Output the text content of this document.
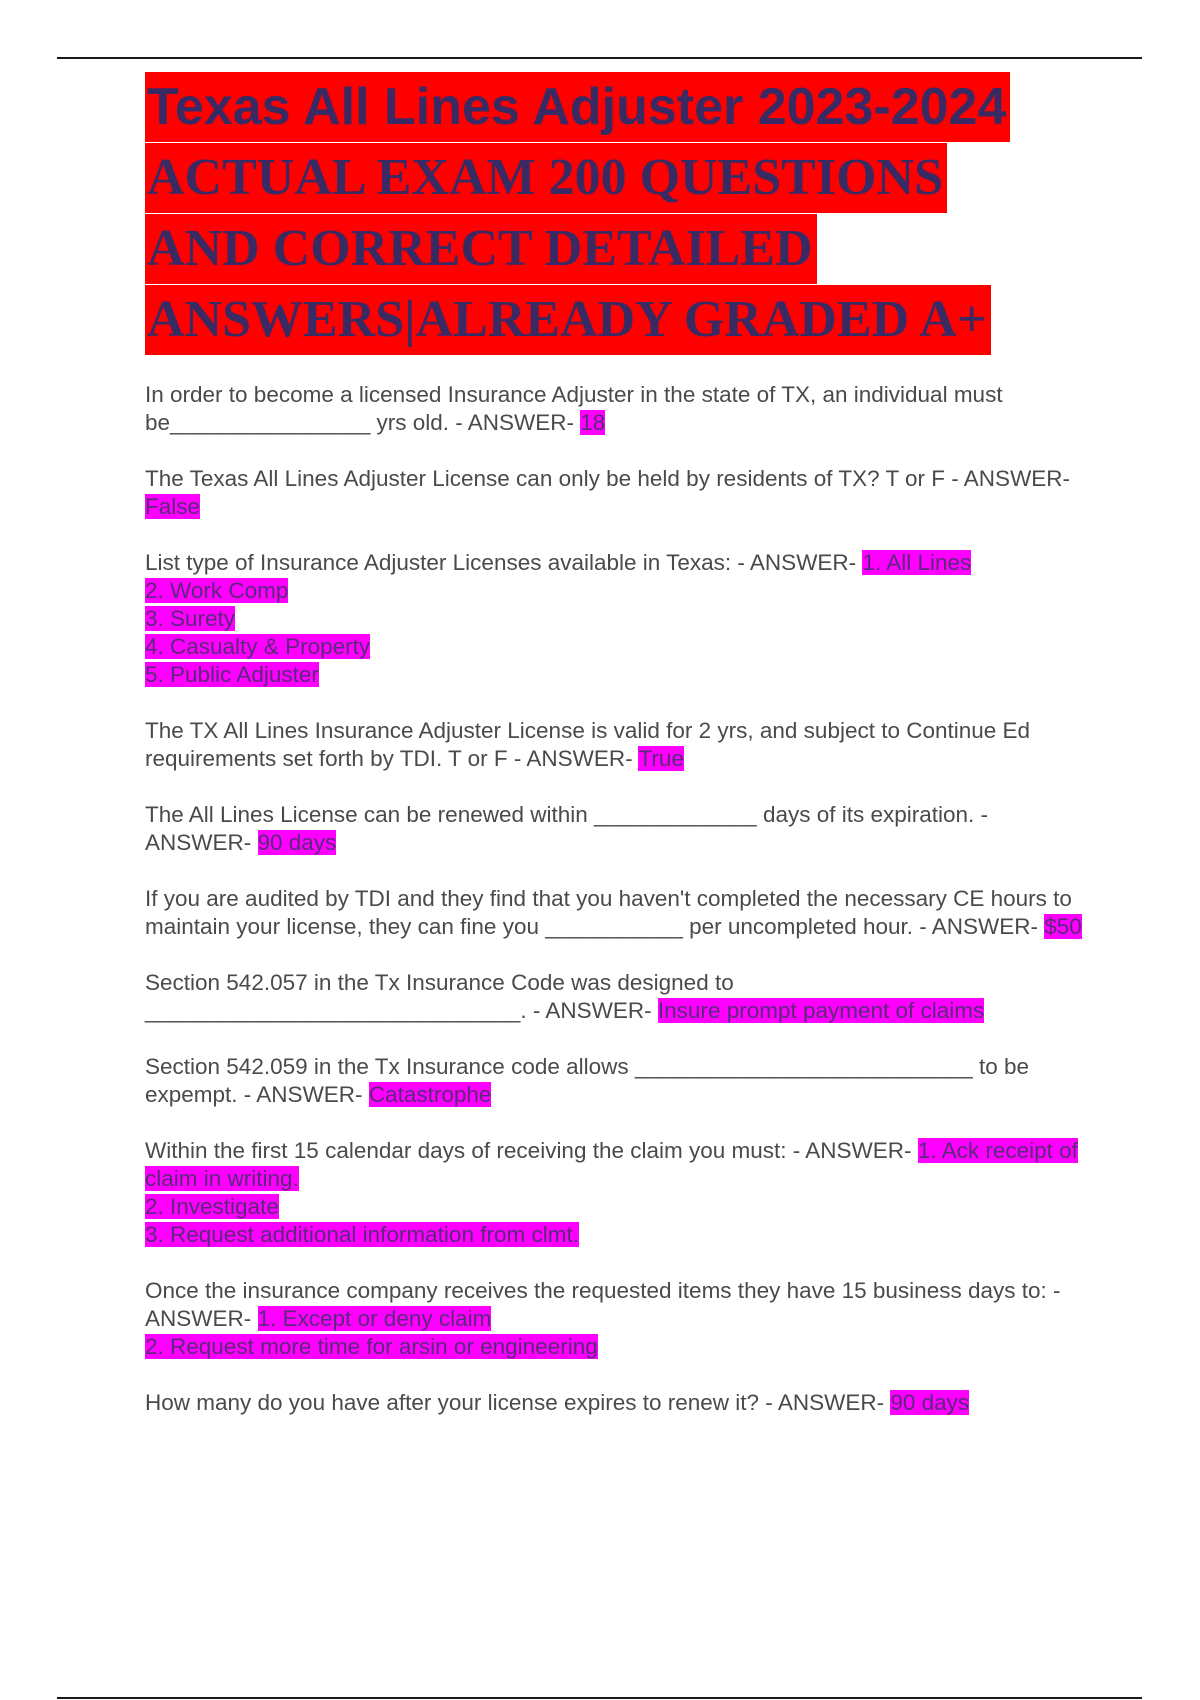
Texas All Lines Adjuster 2023-2024
ACTUAL EXAM 200 QUESTIONS
AND CORRECT DETAILED
ANSWERS|ALREADY GRADED A+

In order to become a licensed Insurance Adjuster in the state of TX, an individual must be________________ yrs old. - ANSWER- 18

The Texas All Lines Adjuster License can only be held by residents of TX? T or F - ANSWER- False

List type of Insurance Adjuster Licenses available in Texas: - ANSWER- 1. All Lines
2. Work Comp
3. Surety
4. Casualty & Property
5. Public Adjuster

The TX All Lines Insurance Adjuster License is valid for 2 yrs, and subject to Continue Ed requirements set forth by TDI. T or F - ANSWER- True

The All Lines License can be renewed within _____________ days of its expiration. - ANSWER- 90 days

If you are audited by TDI and they find that you haven't completed the necessary CE hours to maintain your license, they can fine you ___________ per uncompleted hour. - ANSWER- $50

Section 542.057 in the Tx Insurance Code was designed to ______________________________. - ANSWER- Insure prompt payment of claims

Section 542.059 in the Tx Insurance code allows ___________________________ to be expempt. - ANSWER- Catastrophe

Within the first 15 calendar days of receiving the claim you must: - ANSWER- 1. Ack receipt of claim in writing.
2. Investigate
3. Request additional information from clmt.

Once the insurance company receives the requested items they have 15 business days to: - ANSWER- 1. Except or deny claim
2. Request more time for arsin or engineering

How many do you have after your license expires to renew it? - ANSWER- 90 days
